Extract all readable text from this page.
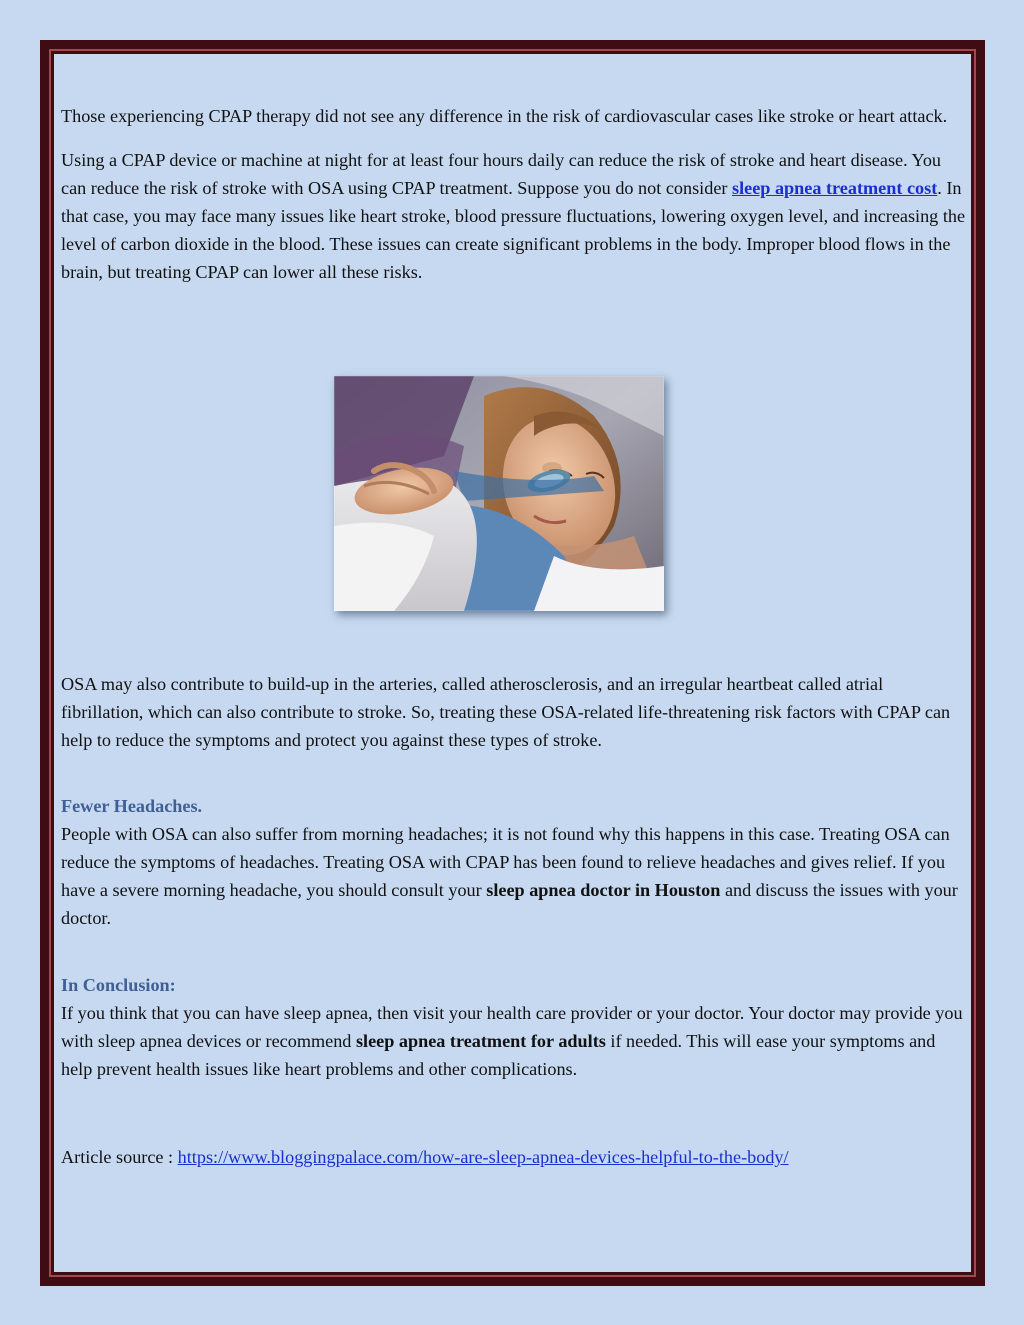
Those experiencing CPAP therapy did not see any difference in the risk of cardiovascular cases like stroke or heart attack.

Using a CPAP device or machine at night for at least four hours daily can reduce the risk of stroke and heart disease. You can reduce the risk of stroke with OSA using CPAP treatment. Suppose you do not consider sleep apnea treatment cost. In that case, you may face many issues like heart stroke, blood pressure fluctuations, lowering oxygen level, and increasing the level of carbon dioxide in the blood. These issues can create significant problems in the body. Improper blood flows in the brain, but treating CPAP can lower all these risks.

OSA may also contribute to build-up in the arteries, called atherosclerosis, and an irregular heartbeat called atrial fibrillation, which can also contribute to stroke. So, treating these OSA-related life-threatening risk factors with CPAP can help to reduce the symptoms and protect you against these types of stroke.

Fewer Headaches.

People with OSA can also suffer from morning headaches; it is not found why this happens in this case. Treating OSA can reduce the symptoms of headaches. Treating OSA with CPAP has been found to relieve headaches and gives relief. If you have a severe morning headache, you should consult your sleep apnea doctor in Houston and discuss the issues with your doctor.

In Conclusion:

If you think that you can have sleep apnea, then visit your health care provider or your doctor. Your doctor may provide you with sleep apnea devices or recommend sleep apnea treatment for adults if needed. This will ease your symptoms and help prevent health issues like heart problems and other complications.

Article source : https://www.bloggingpalace.com/how-are-sleep-apnea-devices-helpful-to-the-body/
